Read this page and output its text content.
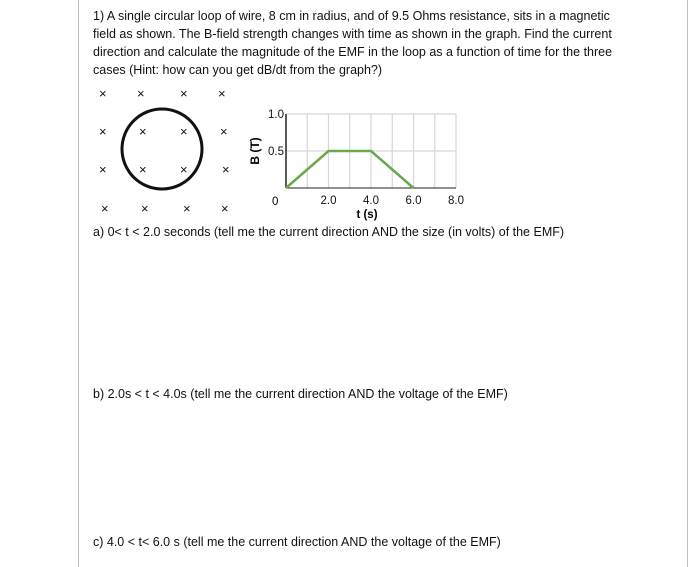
1) A single circular loop of wire, 8 cm in radius, and of 9.5 Ohms resistance, sits in a magnetic field as shown. The B-field strength changes with time as shown in the graph. Find the current direction and calculate the magnitude of the EMF in the loop as a function of time for the three cases (Hint: how can you get dB/dt from the graph?)
× ×	× ×
× ×	× ×
× ×	×	×
× ×	× ×
1.0
0.5
2.0 4.0 6.0 8.0
0
B (T)
t (s)
a) 0< t < 2.0 seconds (tell me the current direction AND the size (in volts) of the EMF)
b) 2.0s < t < 4.0s (tell me the current direction AND the voltage of the EMF)
c) 4.0 < t< 6.0 s (tell me the current direction AND the voltage of the EMF)
